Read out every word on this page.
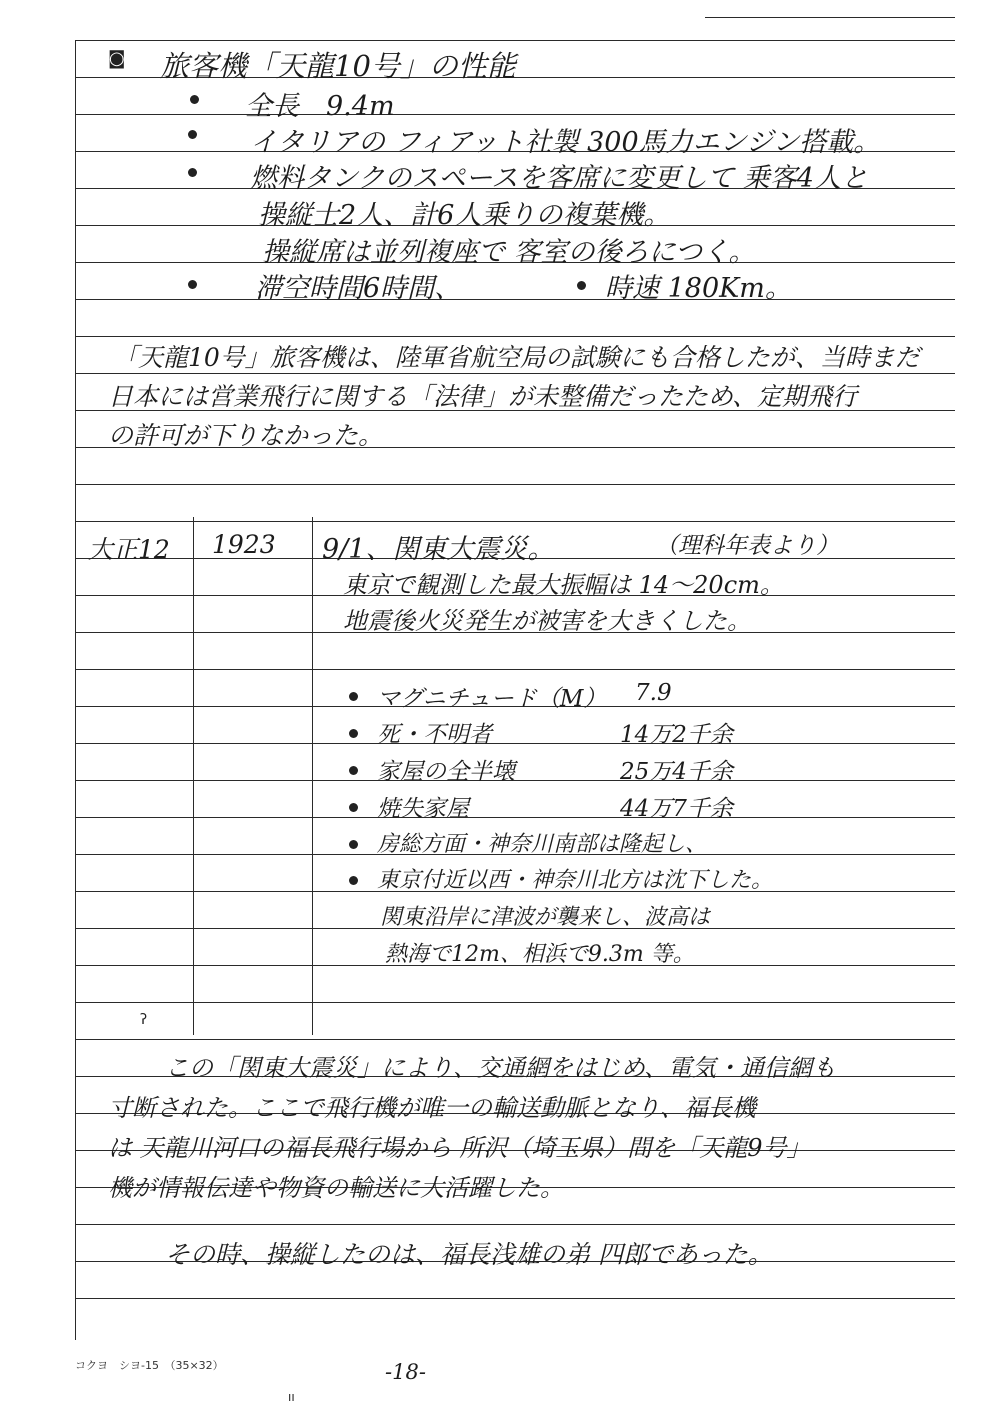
◙ 旅客機「天龍10号」の性能
全長　9.4m
イタリアの フィアット社製 300馬力エンジン搭載。
燃料タンクのスペースを客席に変更して 乗客4人と
操縦士2人、計6人乗りの複葉機。
操縦席は並列複座で 客室の後ろにつく。
滞空時間6時間、	時速 180Km。
「天龍10号」旅客機は、陸軍省航空局の試験にも合格したが、当時まだ
日本には営業飛行に関する「法律」が未整備だったため、定期飛行
の許可が下りなかった。
大正12 1923 9/1、関東大震災。	（理科年表より）
東京で観測した最大振幅は 14〜20cm。
地震後火災発生が被害を大きくした。
マグニチュード（M） 7.9
死・不明者	14万2千余
家屋の全半壊	25万4千余
焼失家屋	44万7千余
房総方面・神奈川南部は隆起し、
東京付近以西・神奈川北方は沈下した。
関東沿岸に津波が襲来し、波高は
熱海で12m、相浜で9.3m 等。
ʔ
この「関東大震災」により、交通網をはじめ、電気・通信網も
寸断された。ここで飛行機が唯一の輸送動脈となり、福長機
は 天龍川河口の福長飛行場から 所沢（埼玉県）間を「天龍9号」
機が情報伝達や物資の輸送に大活躍した。
その時、操縦したのは、福長浅雄の弟 四郎であった。
コクヨ　シヨ-15　（35×32）	-18-
ıı
